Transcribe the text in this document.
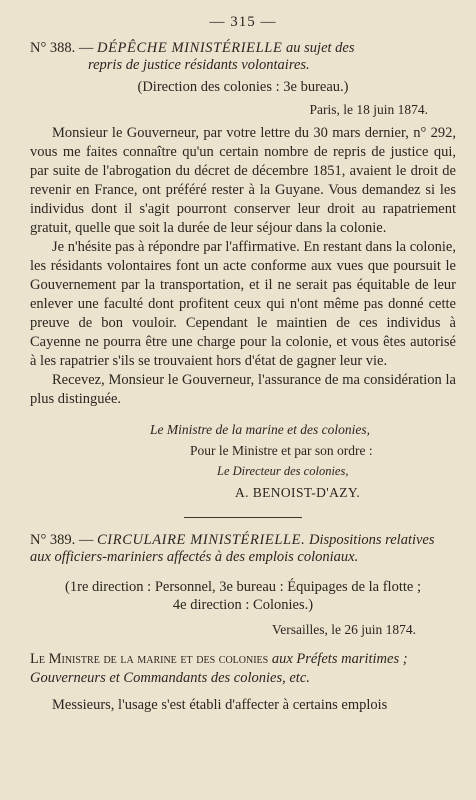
— 315 —
N° 388. — DÉPÊCHE MINISTÉRIELLE au sujet des
repris de justice résidants volontaires.
(Direction des colonies : 3e bureau.)
Paris, le 18 juin 1874.

Monsieur le Gouverneur, par votre lettre du 30 mars dernier, n° 292, vous me faites connaître qu'un certain nombre de repris de justice qui, par suite de l'abrogation du décret de décembre 1851, avaient le droit de revenir en France, ont préféré rester à la Guyane. Vous demandez si les individus dont il s'agit pourront conserver leur droit au rapatriement gratuit, quelle que soit la durée de leur séjour dans la colonie.

Je n'hésite pas à répondre par l'affirmative. En restant dans la colonie, les résidants volontaires font un acte conforme aux vues que poursuit le Gouvernement par la transportation, et il ne serait pas équitable de leur enlever une faculté dont profitent ceux qui n'ont même pas donné cette preuve de bon vouloir. Cependant le maintien de ces individus à Cayenne ne pourra être une charge pour la colonie, et vous êtes autorisé à les rapatrier s'ils se trouvaient hors d'état de gagner leur vie.

Recevez, Monsieur le Gouverneur, l'assurance de ma considération la plus distinguée.

Le Ministre de la marine et des colonies,
Pour le Ministre et par son ordre :
Le Directeur des colonies,
A. BENOIST-D'AZY.
N° 389. — CIRCULAIRE MINISTÉRIELLE. Dispositions relatives aux officiers-mariniers affectés à des emplois coloniaux.
(1re direction : Personnel, 3e bureau : Équipages de la flotte ;
4e direction : Colonies.)
Versailles, le 26 juin 1874.
Le Ministre de la marine et des colonies aux Préfets maritimes ; Gouverneurs et Commandants des colonies, etc.

Messieurs, l'usage s'est établi d'affecter à certains emplois
